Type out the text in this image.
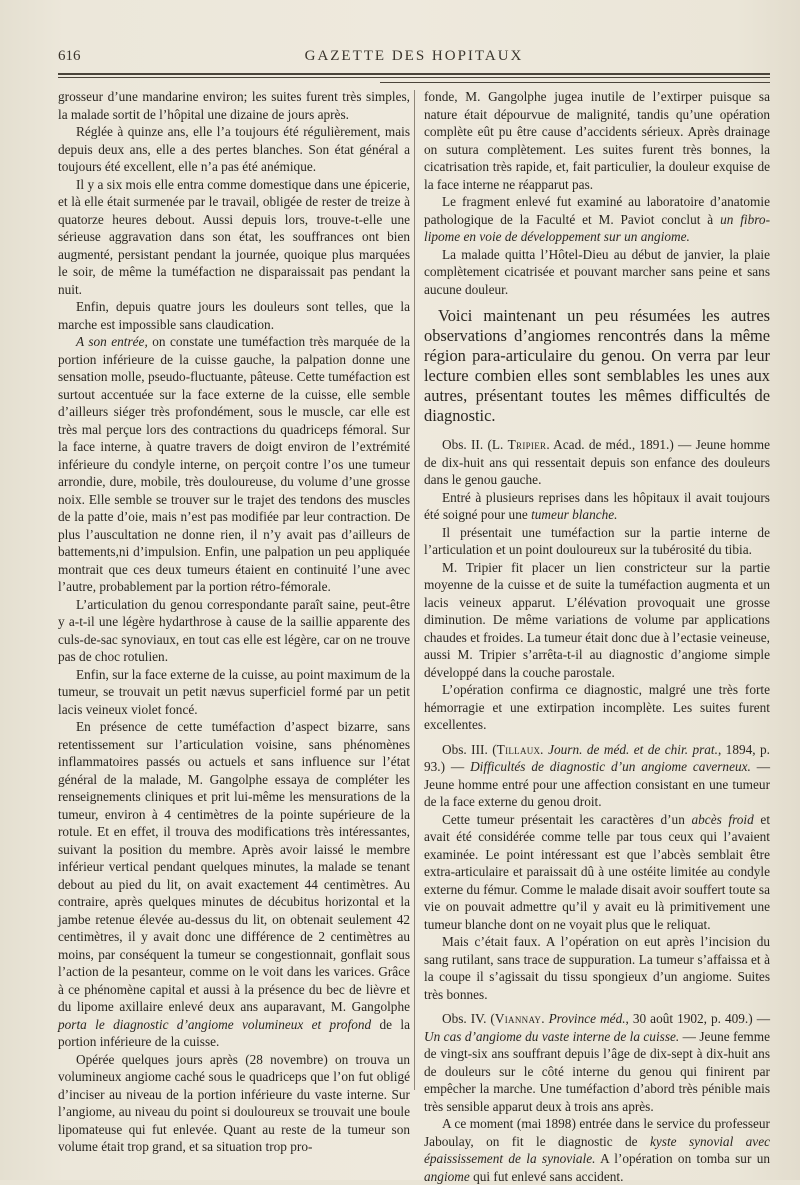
616	GAZETTE DES HOPITAUX

grosseur d’une mandarine environ; les suites furent très simples, la malade sortit de l’hôpital une dizaine de jours après.

Réglée à quinze ans, elle l’a toujours été régulièrement, mais depuis deux ans, elle a des pertes blanches. Son état général a toujours été excellent, elle n’a pas été anémique.

Il y a six mois elle entra comme domestique dans une épicerie, et là elle était surmenée par le travail, obligée de rester de treize à quatorze heures debout. Aussi depuis lors, trouve-t-elle une sérieuse aggravation dans son état, les souffrances ont bien augmenté, persistant pendant la journée, quoique plus marquées le soir, de même la tuméfaction ne disparaissait pas pendant la nuit.

Enfin, depuis quatre jours les douleurs sont telles, que la marche est impossible sans claudication.

A son entrée, on constate une tuméfaction très marquée de la portion inférieure de la cuisse gauche, la palpation donne une sensation molle, pseudo-fluctuante, pâteuse. Cette tuméfaction est surtout accentuée sur la face externe de la cuisse, elle semble d’ailleurs siéger très profondément, sous le muscle, car elle est très mal perçue lors des contractions du quadriceps fémoral. Sur la face interne, à quatre travers de doigt environ de l’extrémité inférieure du condyle interne, on perçoit contre l’os une tumeur arrondie, dure, mobile, très douloureuse, du volume d’une grosse noix. Elle semble se trouver sur le trajet des tendons des muscles de la patte d’oie, mais n’est pas modifiée par leur contraction. De plus l’auscultation ne donne rien, il n’y avait pas d’ailleurs de battements,ni d’impulsion. Enfin, une palpation un peu appliquée montrait que ces deux tumeurs étaient en continuité l’une avec l’autre, probablement par la portion rétro-fémorale.

L’articulation du genou correspondante paraît saine, peut-être y a-t-il une légère hydarthrose à cause de la saillie apparente des culs-de-sac synoviaux, en tout cas elle est légère, car on ne trouve pas de choc rotulien.

Enfin, sur la face externe de la cuisse, au point maximum de la tumeur, se trouvait un petit nævus superficiel formé par un petit lacis veineux violet foncé.

En présence de cette tuméfaction d’aspect bizarre, sans retentissement sur l’articulation voisine, sans phénomènes inflammatoires passés ou actuels et sans influence sur l’état général de la malade, M. Gangolphe essaya de compléter les renseignements cliniques et prit lui-même les mensurations de la tumeur, environ à 4 centimètres de la pointe supérieure de la rotule. Et en effet, il trouva des modifications très intéressantes, suivant la position du membre. Après avoir laissé le membre inférieur vertical pendant quelques minutes, la malade se tenant debout au pied du lit, on avait exactement 44 centimètres. Au contraire, après quelques minutes de décubitus horizontal et la jambe retenue élevée au-dessus du lit, on obtenait seulement 42 centimètres, il y avait donc une différence de 2 centimètres au moins, par conséquent la tumeur se congestionnait, gonflait sous l’action de la pesanteur, comme on le voit dans les varices. Grâce à ce phénomène capital et aussi à la présence du bec de lièvre et du lipome axillaire enlevé deux ans auparavant, M. Gangolphe porta le diagnostic d’angiome volumineux et profond de la portion inférieure de la cuisse.

Opérée quelques jours après (28 novembre) on trouva un volumineux angiome caché sous le quadriceps que l’on fut obligé d’inciser au niveau de la portion inférieure du vaste interne. Sur l’angiome, au niveau du point si douloureux se trouvait une boule lipomateuse qui fut enlevée. Quant au reste de la tumeur son volume était trop grand, et sa situation trop pro-

fonde, M. Gangolphe jugea inutile de l’extirper puisque sa nature était dépourvue de malignité, tandis qu’une opération complète eût pu être cause d’accidents sérieux. Après drainage on sutura complètement. Les suites furent très bonnes, la cicatrisation très rapide, et, fait particulier, la douleur exquise de la face interne ne réapparut pas.

Le fragment enlevé fut examiné au laboratoire d’anatomie pathologique de la Faculté et M. Paviot conclut à un fibro-lipome en voie de développement sur un angiome.

La malade quitta l’Hôtel-Dieu au début de janvier, la plaie complètement cicatrisée et pouvant marcher sans peine et sans aucune douleur.

Voici maintenant un peu résumées les autres observations d’angiomes rencontrés dans la même région para-articulaire du genou. On verra par leur lecture combien elles sont semblables les unes aux autres, présentant toutes les mêmes difficultés de diagnostic.

Obs. II. (L. Tripier. Acad. de méd., 1891.) — Jeune homme de dix-huit ans qui ressentait depuis son enfance des douleurs dans le genou gauche.

Entré à plusieurs reprises dans les hôpitaux il avait toujours été soigné pour une tumeur blanche.

Il présentait une tuméfaction sur la partie interne de l’articulation et un point douloureux sur la tubérosité du tibia.

M. Tripier fit placer un lien constricteur sur la partie moyenne de la cuisse et de suite la tuméfaction augmenta et un lacis veineux apparut. L’élévation provoquait une grosse diminution. De même variations de volume par applications chaudes et froides. La tumeur était donc due à l’ectasie veineuse, aussi M. Tripier s’arrêta-t-il au diagnostic d’angiome simple développé dans la couche parostale.

L’opération confirma ce diagnostic, malgré une très forte hémorragie et une extirpation incomplète. Les suites furent excellentes.

Obs. III. (Tillaux. Journ. de méd. et de chir. prat., 1894, p. 93.) — Difficultés de diagnostic d’un angiome caverneux. — Jeune homme entré pour une affection consistant en une tumeur de la face externe du genou droit.

Cette tumeur présentait les caractères d’un abcès froid et avait été considérée comme telle par tous ceux qui l’avaient examinée. Le point intéressant est que l’abcès semblait être extra-articulaire et paraissait dû à une ostéite limitée au condyle externe du fémur. Comme le malade disait avoir souffert toute sa vie on pouvait admettre qu’il y avait eu là primitivement une tumeur blanche dont on ne voyait plus que le reliquat.

Mais c’était faux. A l’opération on eut après l’incision du sang rutilant, sans trace de suppuration. La tumeur s’affaissa et à la coupe il s’agissait du tissu spongieux d’un angiome. Suites très bonnes.

Obs. IV. (Viannay. Province méd., 30 août 1902, p. 409.) — Un cas d’angiome du vaste interne de la cuisse. — Jeune femme de vingt-six ans souffrant depuis l’âge de dix-sept à dix-huit ans de douleurs sur le côté interne du genou qui finirent par empêcher la marche. Une tuméfaction d’abord très pénible mais très sensible apparut deux à trois ans après.

A ce moment (mai 1898) entrée dans le service du professeur Jaboulay, on fit le diagnostic de kyste synovial avec épaississement de la synoviale. A l’opération on tomba sur un angiome qui fut enlevé sans accident.
